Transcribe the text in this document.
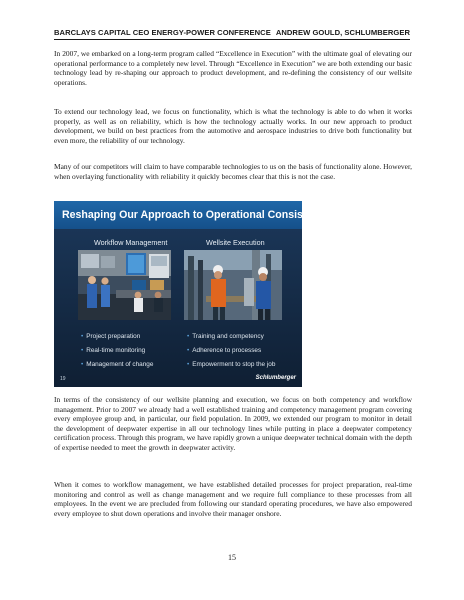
BARCLAYS CAPITAL CEO ENERGY-POWER CONFERENCE ANDREW GOULD, SCHLUMBERGER

In 2007, we embarked on a long-term program called “Excellence in Execution” with the ultimate goal of elevating our operational performance to a completely new level. Through “Excellence in Execution” we are both extending our basic technology lead by re-shaping our approach to product development, and re-defining the consistency of our wellsite operations.

To extend our technology lead, we focus on functionality, which is what the technology is able to do when it works properly, as well as on reliability, which is how the technology actually works. In our new approach to product development, we build on best practices from the automotive and aerospace industries to drive both functionality but even more, the reliability of our technology.

Many of our competitors will claim to have comparable technologies to us on the basis of functionality alone. However, when overlaying functionality with reliability it quickly becomes clear that this is not the case.

Reshaping Our Approach to Operational Consistency
Workflow Management	Wellsite Execution
• Project preparation
• Real-time monitoring
• Management of change
• Training and competency
• Adherence to processes
• Empowerment to stop the job
19	Schlumberger

In terms of the consistency of our wellsite planning and execution, we focus on both competency and workflow management. Prior to 2007 we already had a well established training and competency management program covering every employee group and, in particular, our field population. In 2009, we extended our program to monitor in detail the development of deepwater expertise in all our technology lines while putting in place a deepwater competency certification process. Through this program, we have rapidly grown a unique deepwater technical domain with the depth of expertise needed to meet the growth in deepwater activity.

When it comes to workflow management, we have established detailed processes for project preparation, real-time monitoring and control as well as change management and we require full compliance to these processes from all employees. In the event we are precluded from following our standard operating procedures, we have also empowered every employee to shut down operations and involve their manager onshore.

15
